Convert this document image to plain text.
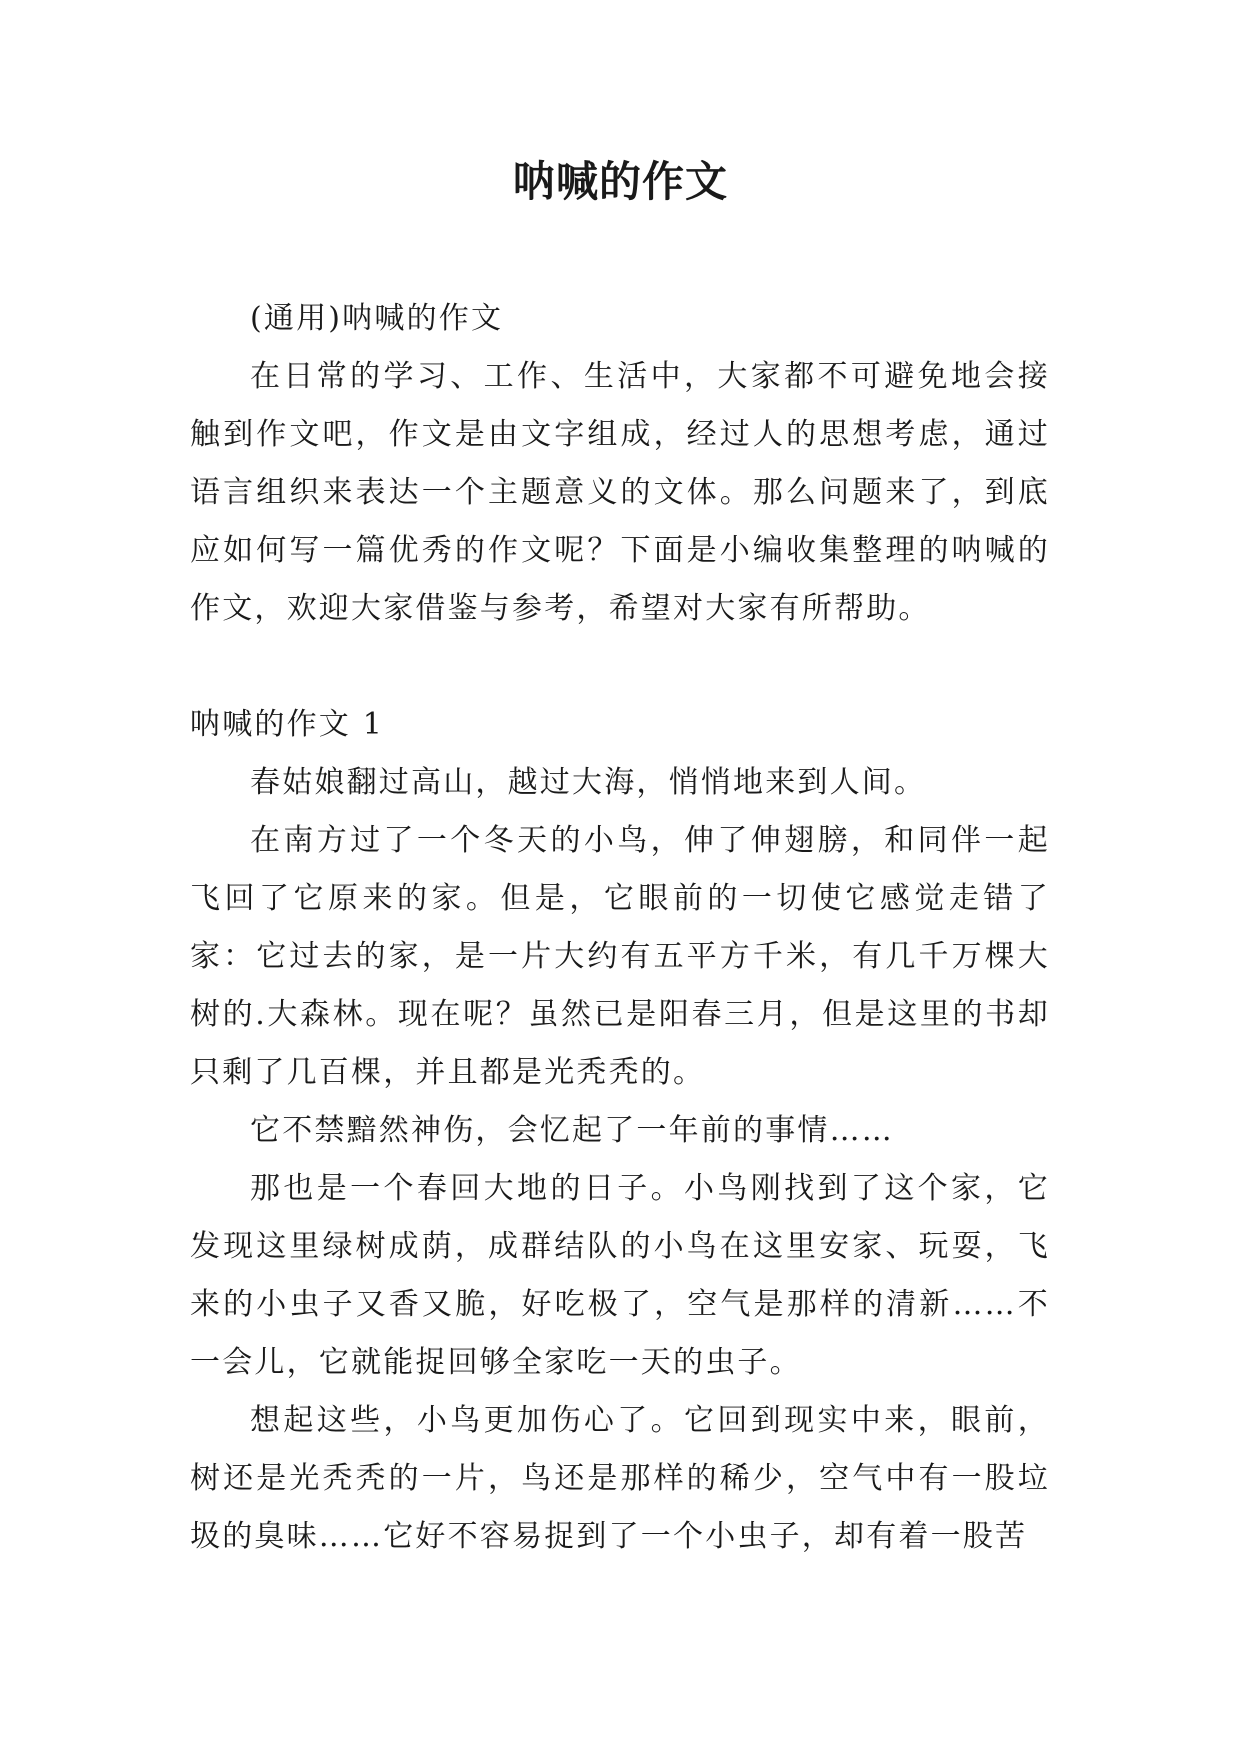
呐喊的作文

(通用)呐喊的作文

在日常的学习、工作、生活中，大家都不可避免地会接触到作文吧，作文是由文字组成，经过人的思想考虑，通过语言组织来表达一个主题意义的文体。那么问题来了，到底应如何写一篇优秀的作文呢？下面是小编收集整理的呐喊的作文，欢迎大家借鉴与参考，希望对大家有所帮助。

呐喊的作文 1

春姑娘翻过高山，越过大海，悄悄地来到人间。

在南方过了一个冬天的小鸟，伸了伸翅膀，和同伴一起飞回了它原来的家。但是，它眼前的一切使它感觉走错了家：它过去的家，是一片大约有五平方千米，有几千万棵大树的.大森林。现在呢？虽然已是阳春三月，但是这里的书却只剩了几百棵，并且都是光秃秃的。

它不禁黯然神伤，会忆起了一年前的事情……

那也是一个春回大地的日子。小鸟刚找到了这个家，它发现这里绿树成荫，成群结队的小鸟在这里安家、玩耍，飞来的小虫子又香又脆，好吃极了，空气是那样的清新……不一会儿，它就能捉回够全家吃一天的虫子。

想起这些，小鸟更加伤心了。它回到现实中来，眼前，树还是光秃秃的一片，鸟还是那样的稀少，空气中有一股垃圾的臭味……它好不容易捉到了一个小虫子，却有着一股苦
